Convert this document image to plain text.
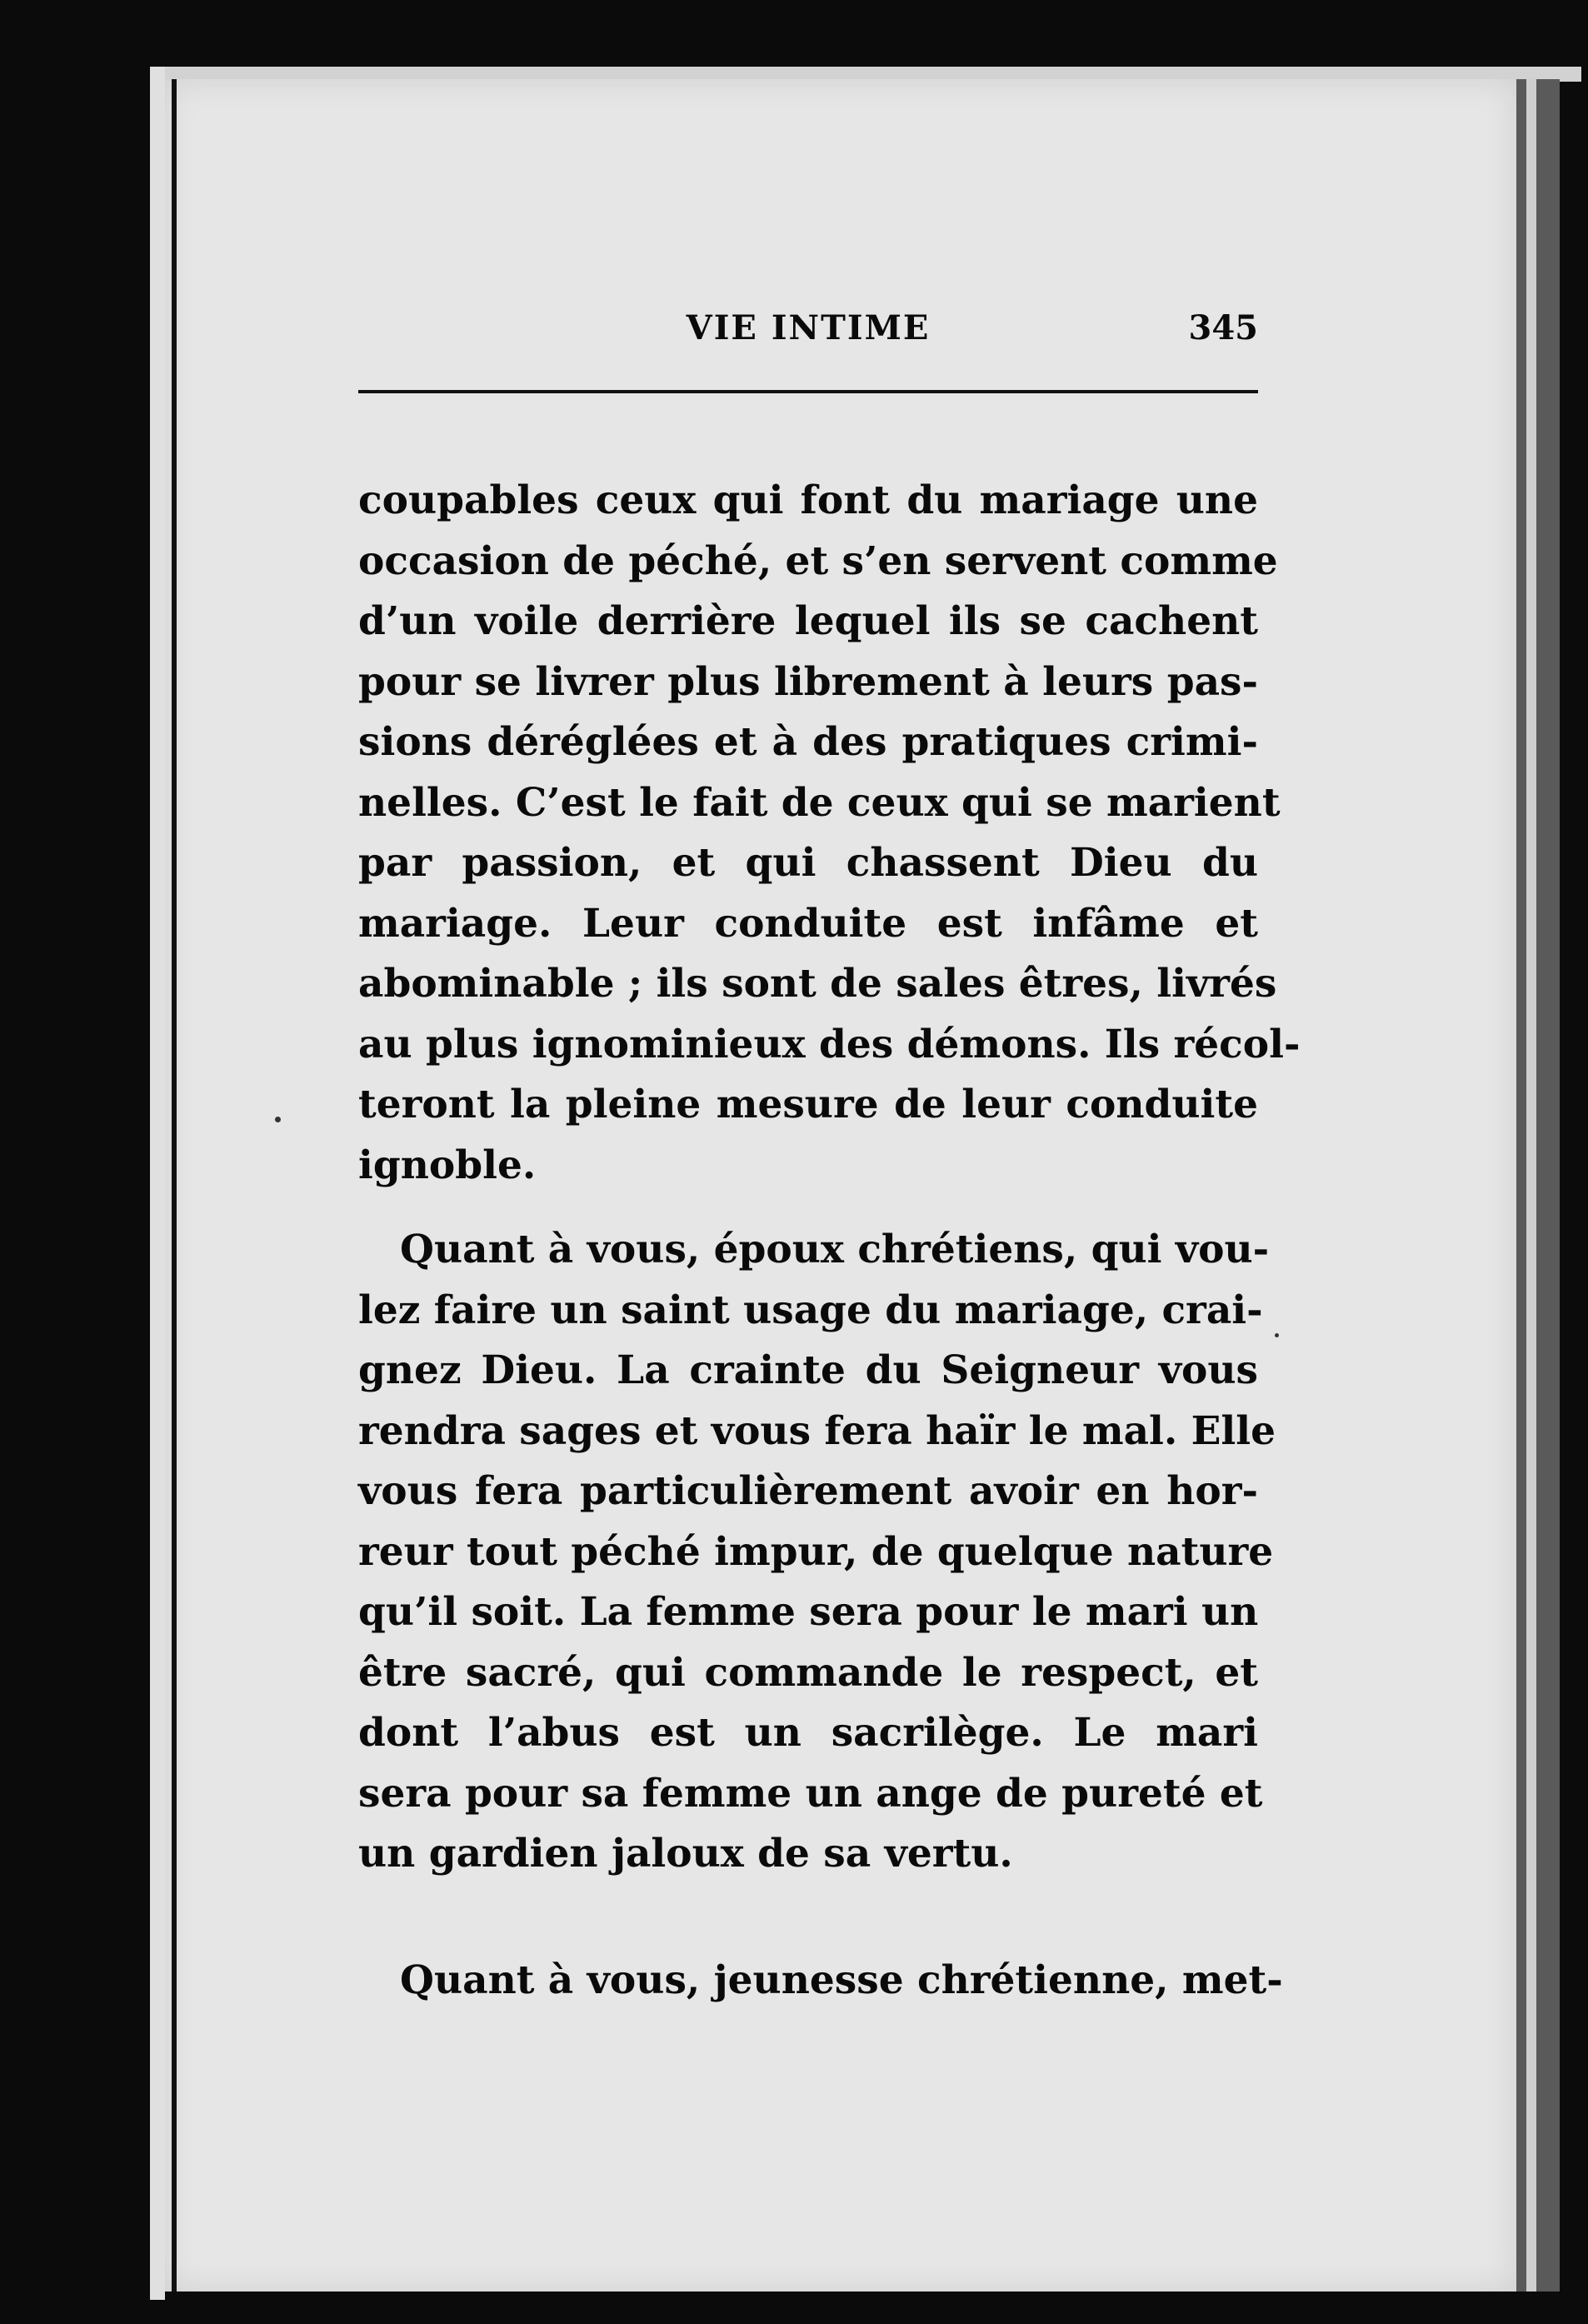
VIE INTIME	345
coupables ceux qui font du mariage une
occasion de péché, et s’en servent comme
d’un voile derrière lequel ils se cachent
pour se livrer plus librement à leurs pas-
sions déréglées et à des pratiques crimi-
nelles. C’est le fait de ceux qui se marient
par passion, et qui chassent Dieu du
mariage. Leur conduite est infâme et
abominable ; ils sont de sales êtres, livrés
au plus ignominieux des démons. Ils récol-
teront la pleine mesure de leur conduite
ignoble.
Quant à vous, époux chrétiens, qui vou-
lez faire un saint usage du mariage, crai-
gnez Dieu. La crainte du Seigneur vous
rendra sages et vous fera haïr le mal. Elle
vous fera particulièrement avoir en hor-
reur tout péché impur, de quelque nature
qu’il soit. La femme sera pour le mari un
être sacré, qui commande le respect, et
dont l’abus est un sacrilège. Le mari
sera pour sa femme un ange de pureté et
un gardien jaloux de sa vertu.
Quant à vous, jeunesse chrétienne, met-
